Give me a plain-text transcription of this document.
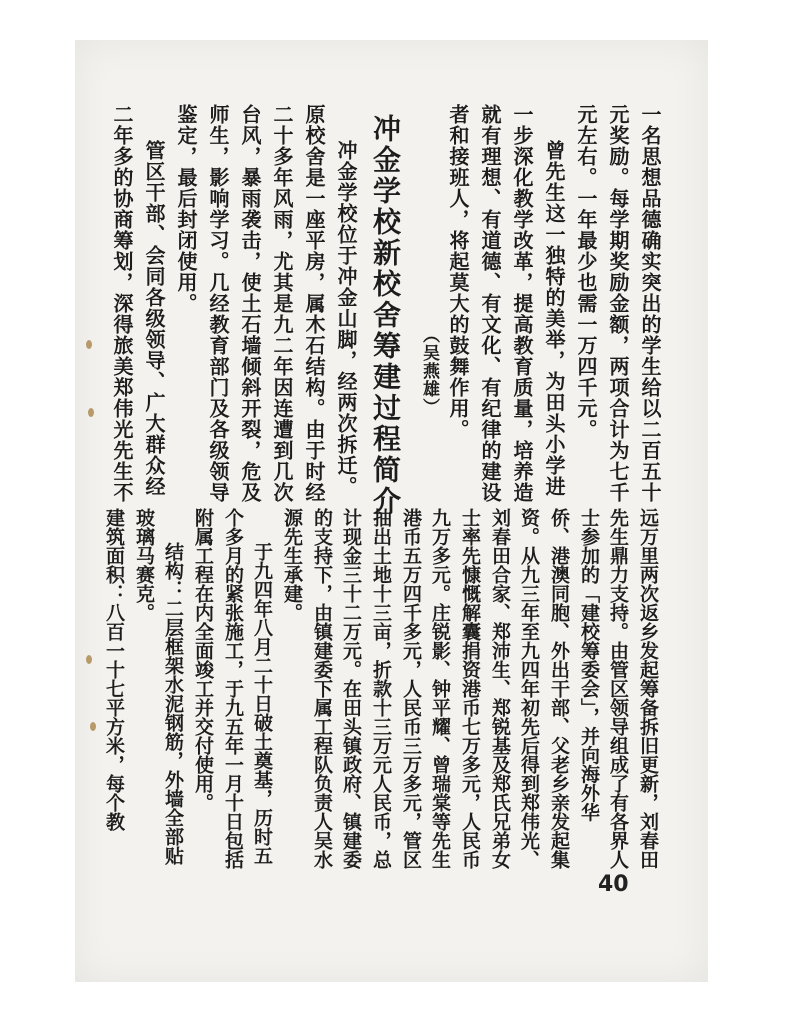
一名思想品德确实突出的学生给以二百五十
元奖励。每学期奖励金额，两项合计为七千
元左右。一年最少也需一万四千元。
曾先生这一独特的美举，为田头小学进
一步深化教学改革，提高教育质量，培养造
就有理想、有道德、有文化、有纪律的建设
者和接班人，将起莫大的鼓舞作用。
（吴燕雄）
冲金学校新校舍筹建过程简介
冲金学校位于冲金山脚，经两次拆迁。
原校舍是一座平房，属木石结构。由于时经
二十多年风雨，尤其是九二年因连遭到几次
台风，暴雨袭击，使土石墙倾斜开裂，危及
师生，影响学习。几经教育部门及各级领导
鉴定，最后封闭使用。
管区干部、会同各级领导、广大群众经
二年多的协商筹划，深得旅美郑伟光先生不
40
远万里两次返乡发起筹备拆旧更新，刘春田
先生鼎力支持。由管区领导组成了有各界人
士参加的「建校筹委会」，并向海外华
侨、港澳同胞、外出干部、父老乡亲发起集
资。从九三年至九四年初先后得到郑伟光、
刘春田合家、郑沛生、郑锐基及郑氏兄弟女
士率先慷慨解囊捐资港币七万多元，人民币
九万多元。庄锐影、钟平耀、曾瑞棠等先生
港币五万四千多元，人民币三万多元，管区
抽出土地十三亩，折款十三万元人民币，总
计现金三十二万元。在田头镇政府、镇建委
的支持下，由镇建委下属工程队负责人吴水
源先生承建。
于九四年八月二十日破土奠基，历时五
个多月的紧张施工，于九五年一月十日包括
附属工程在内全面竣工并交付使用。
结构：二层框架水泥钢筋，外墙全部贴
玻璃马赛克。
建筑面积：八百一十七平方米，每个教
